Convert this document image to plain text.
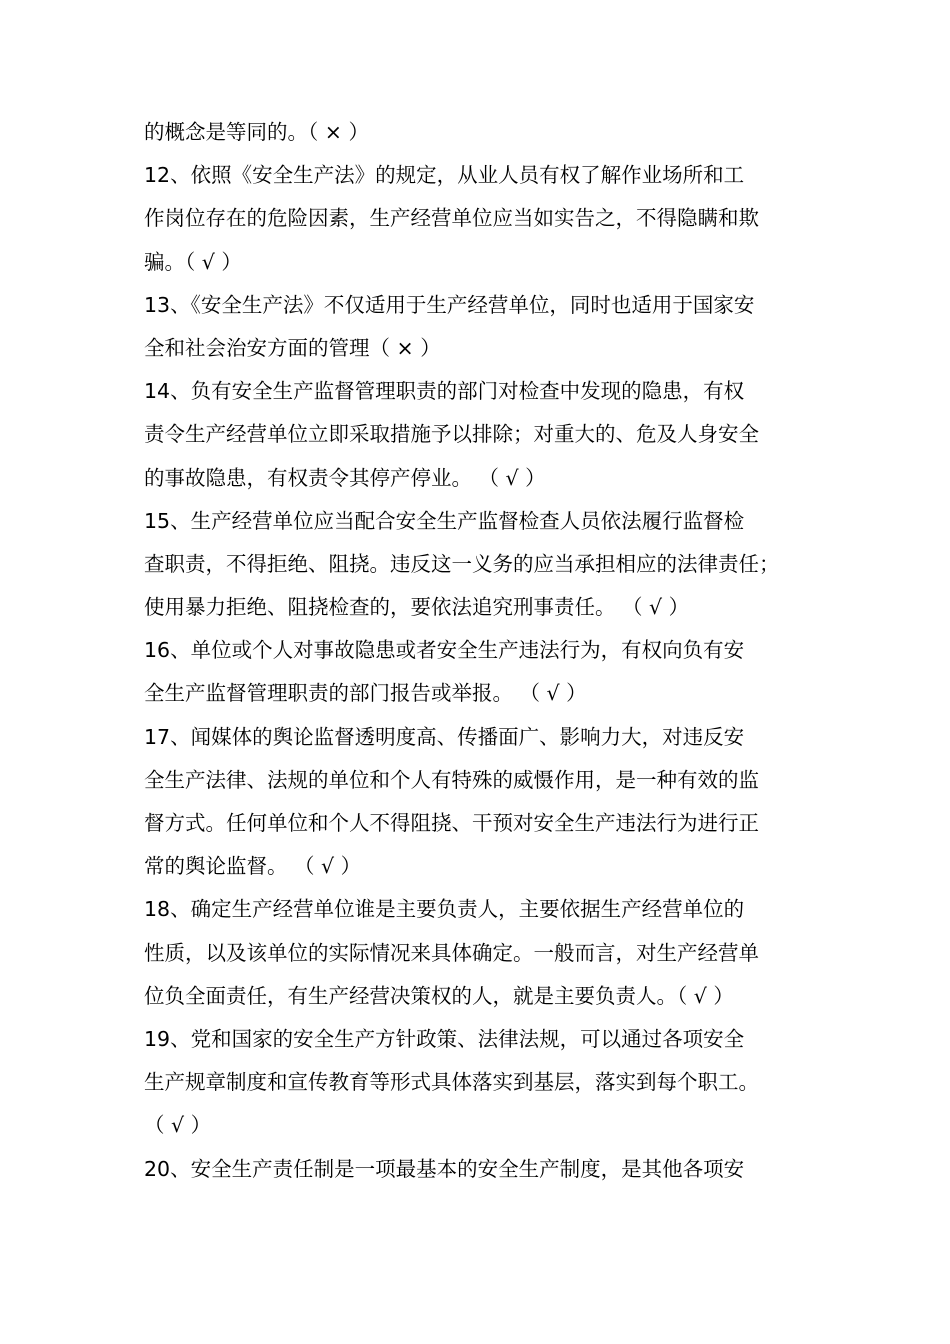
的概念是等同的。（ × ）
12、依照《安全生产法》的规定，从业人员有权了解作业场所和工
作岗位存在的危险因素，生产经营单位应当如实告之，不得隐瞒和欺
骗。（ √ ）
13、《安全生产法》不仅适用于生产经营单位，同时也适用于国家安
全和社会治安方面的管理（ × ）
14、负有安全生产监督管理职责的部门对检查中发现的隐患，有权
责令生产经营单位立即采取措施予以排除；对重大的、危及人身安全
的事故隐患，有权责令其停产停业。 （ √ ）
15、生产经营单位应当配合安全生产监督检查人员依法履行监督检
查职责，不得拒绝、阻挠。违反这一义务的应当承担相应的法律责任；
使用暴力拒绝、阻挠检查的，要依法追究刑事责任。 （ √ ）
16、单位或个人对事故隐患或者安全生产违法行为，有权向负有安
全生产监督管理职责的部门报告或举报。 （ √ ）
17、闻媒体的舆论监督透明度高、传播面广、影响力大，对违反安
全生产法律、法规的单位和个人有特殊的威慑作用，是一种有效的监
督方式。任何单位和个人不得阻挠、干预对安全生产违法行为进行正
常的舆论监督。 （ √ ）
18、确定生产经营单位谁是主要负责人，主要依据生产经营单位的
性质，以及该单位的实际情况来具体确定。一般而言，对生产经营单
位负全面责任，有生产经营决策权的人，就是主要负责人。（ √ ）
19、党和国家的安全生产方针政策、法律法规，可以通过各项安全
生产规章制度和宣传教育等形式具体落实到基层，落实到每个职工。
（ √ ）
20、安全生产责任制是一项最基本的安全生产制度，是其他各项安
